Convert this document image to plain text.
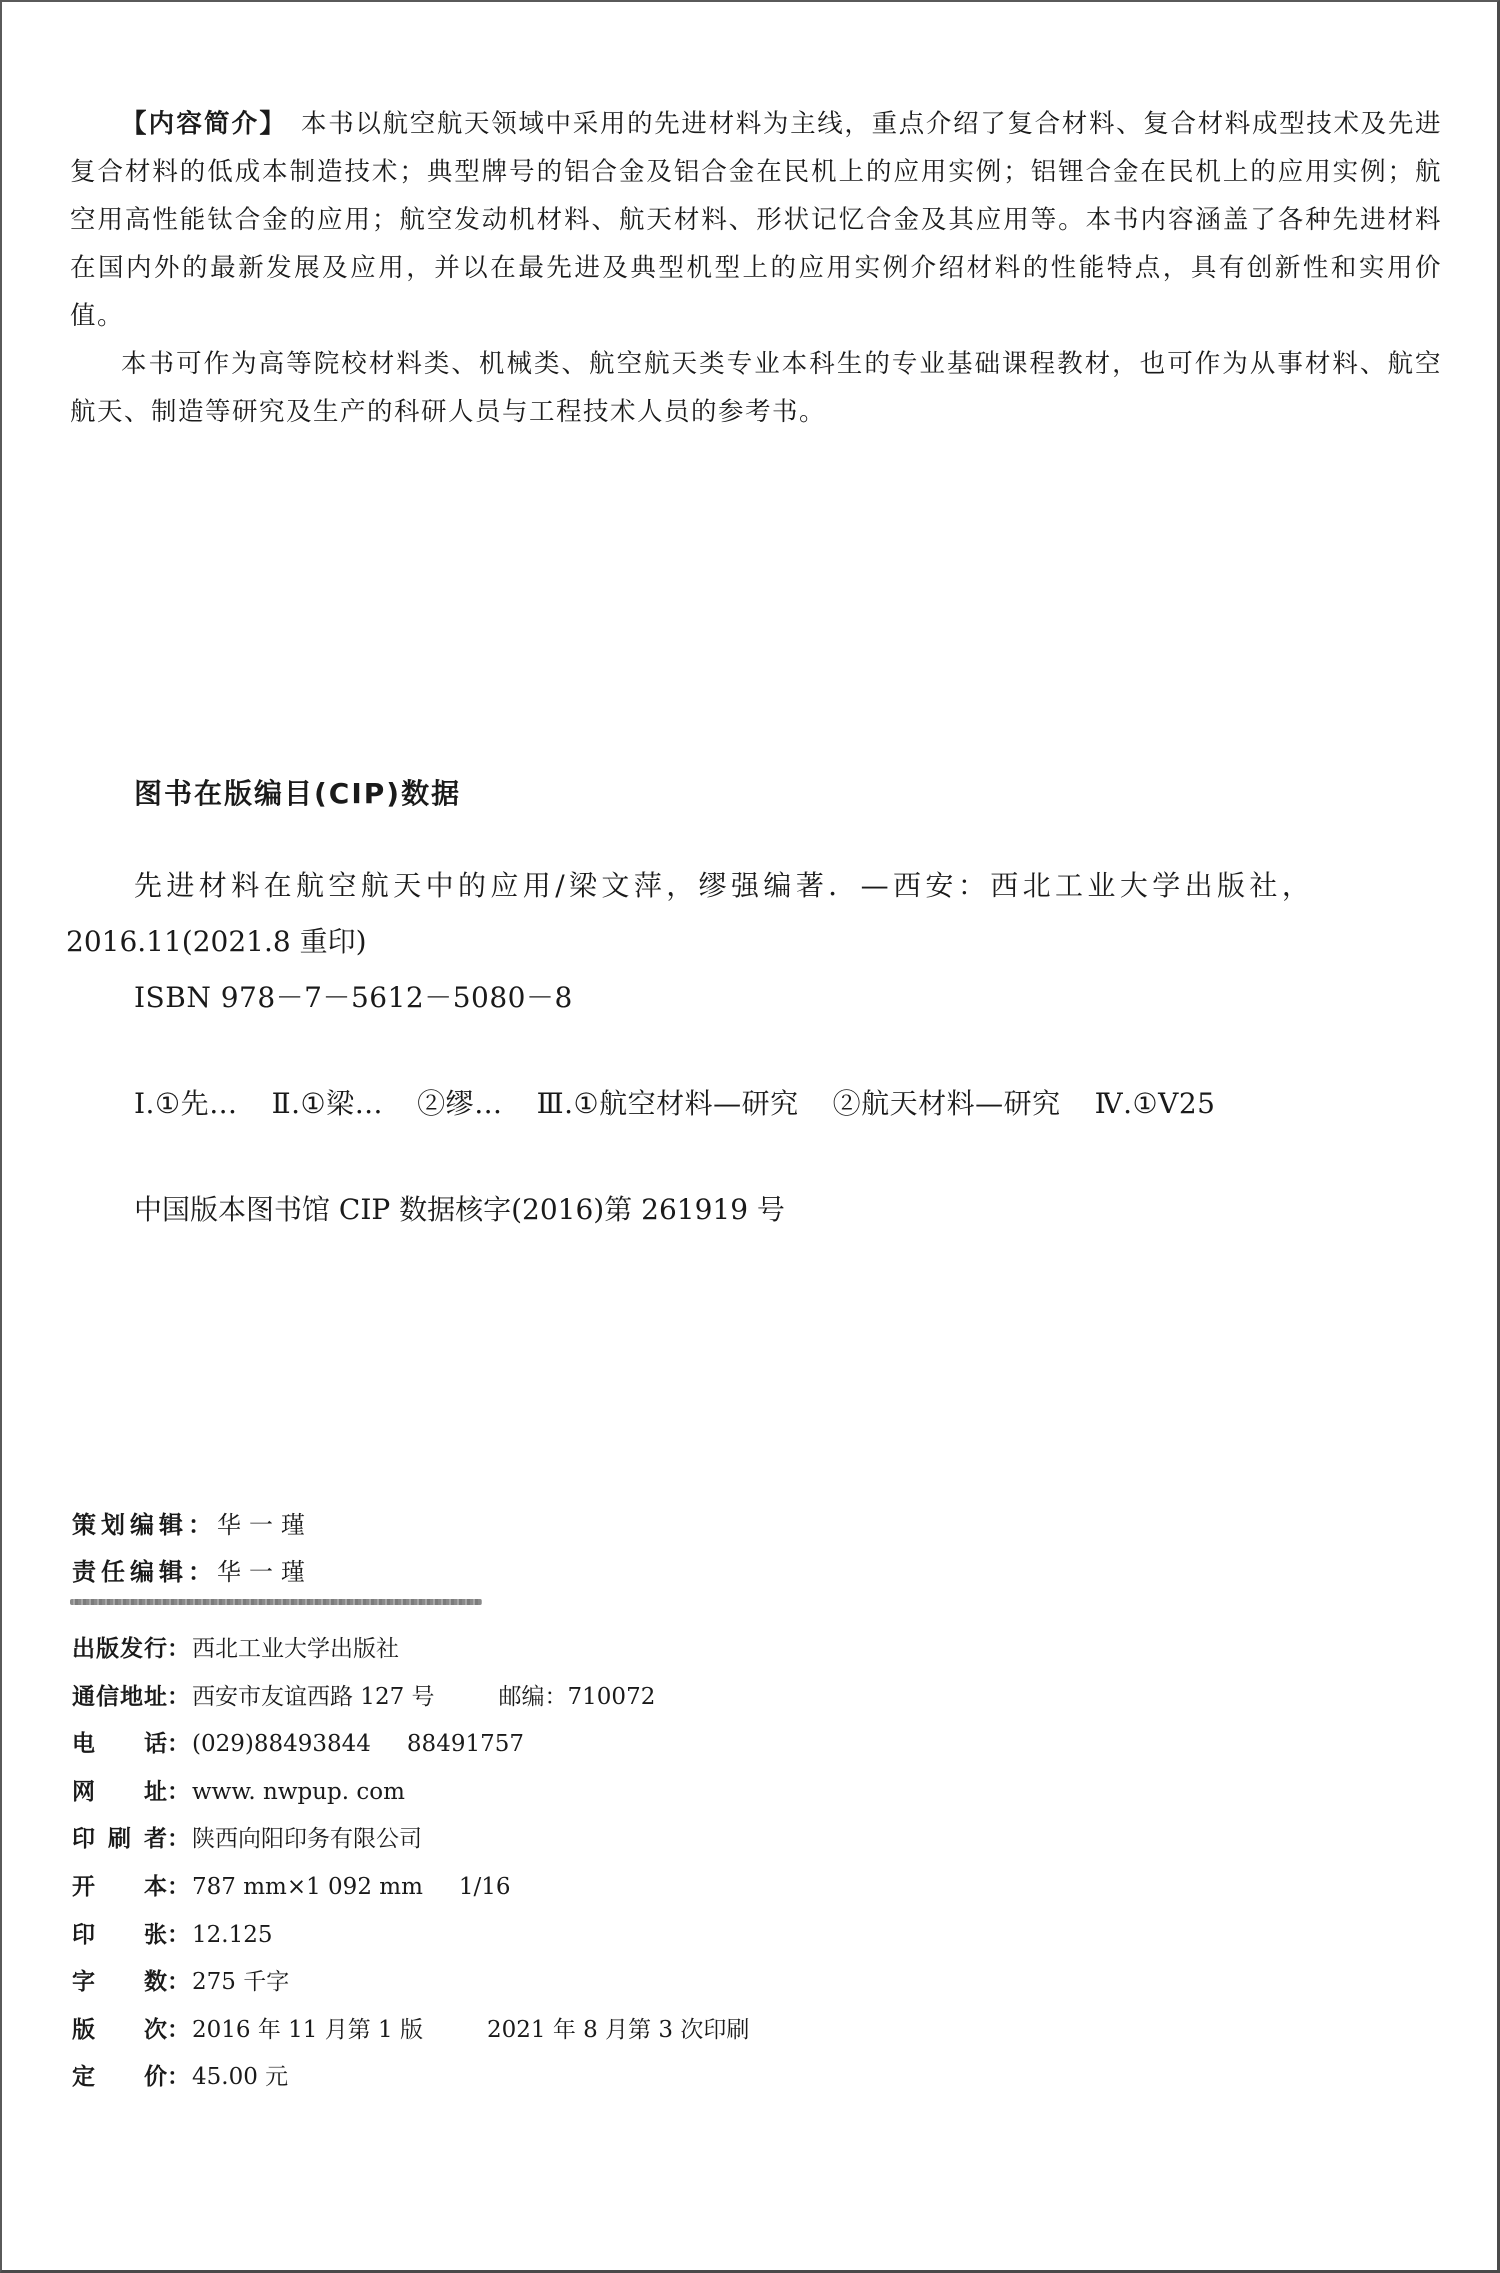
【内容简介】 本书以航空航天领域中采用的先进材料为主线，重点介绍了复合材料、复合材料成型技术及先进复合材料的低成本制造技术；典型牌号的铝合金及铝合金在民机上的应用实例；铝锂合金在民机上的应用实例；航空用高性能钛合金的应用；航空发动机材料、航天材料、形状记忆合金及其应用等。本书内容涵盖了各种先进材料在国内外的最新发展及应用，并以在最先进及典型机型上的应用实例介绍材料的性能特点，具有创新性和实用价值。

本书可作为高等院校材料类、机械类、航空航天类专业本科生的专业基础课程教材，也可作为从事材料、航空航天、制造等研究及生产的科研人员与工程技术人员的参考书。

图书在版编目(CIP)数据
先进材料在航空航天中的应用/梁文萍，缪强编著．—西安：西北工业大学出版社，
2016.11(2021.8 重印)
ISBN 978－7－5612－5080－8
Ⅰ.①先… Ⅱ.①梁… ②缪… Ⅲ.①航空材料—研究 ②航天材料—研究 Ⅳ.①V25
中国版本图书馆 CIP 数据核字(2016)第 261919 号
策划编辑：华一瑾
责任编辑：华一瑾
出版发行：西北工业大学出版社
通信地址：西安市友谊西路 127 号	邮编：710072
电话：(029)88493844 88491757
网址：www. nwpup. com
印刷者：陕西向阳印务有限公司
开本：787 mm×1 092 mm 1/16
印张：12.125
字数：275 千字
版次：2016 年 11 月第 1 版	2021 年 8 月第 3 次印刷
定价：45.00 元
